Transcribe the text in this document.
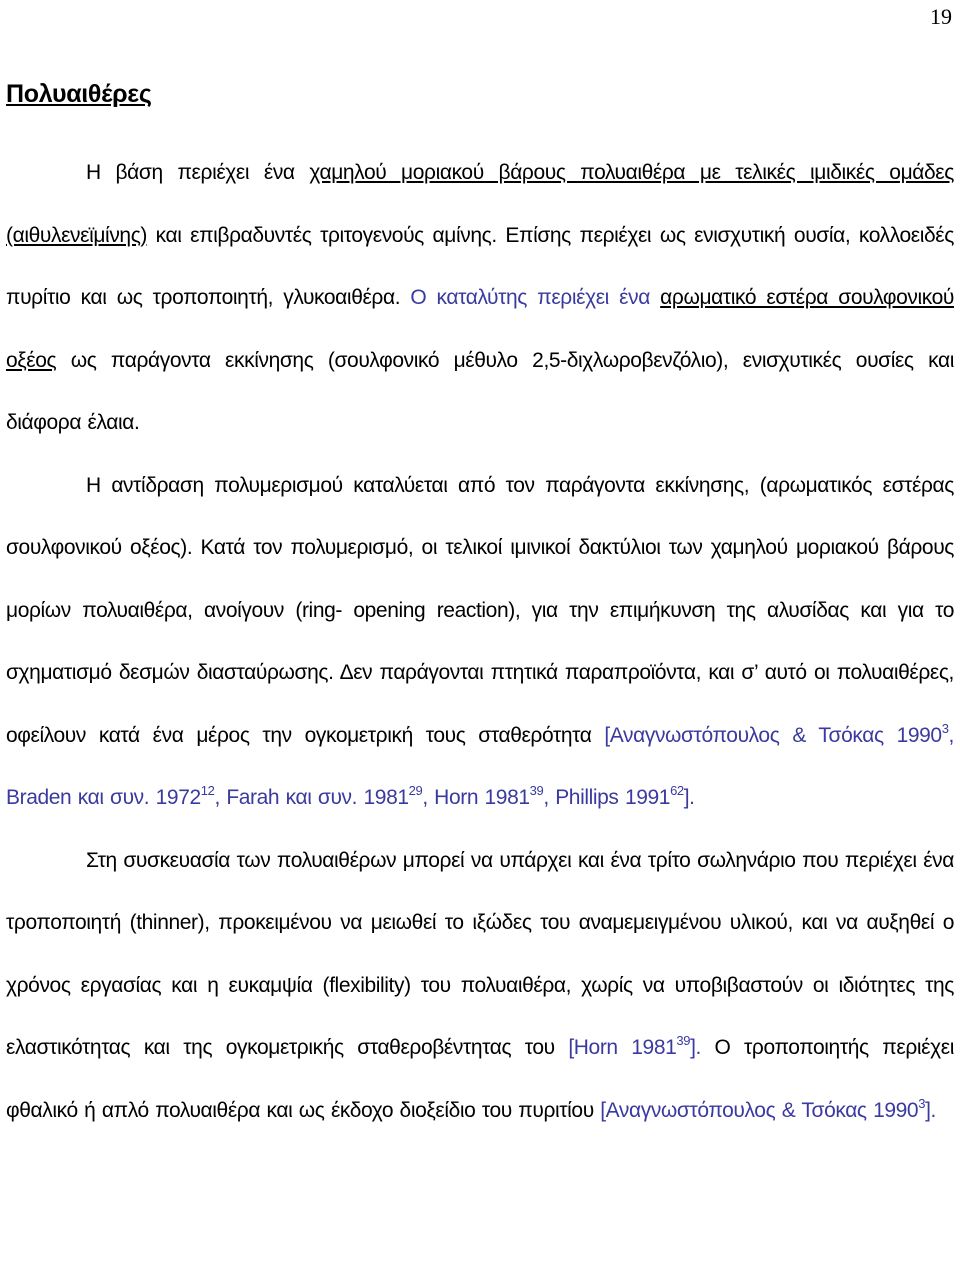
19
Πολυαιθέρες

Η βάση περιέχει ένα χαμηλού μοριακού βάρους πολυαιθέρα με τελικές ιμιδικές ομάδες (αιθυλενεϊμίνης) και επιβραδυντές τριτογενούς αμίνης. Επίσης περιέχει ως ενισχυτική ουσία, κολλοειδές πυρίτιο και ως τροποποιητή, γλυκοαιθέρα. Ο καταλύτης περιέχει ένα αρωματικό εστέρα σουλφονικού οξέος ως παράγοντα εκκίνησης (σουλφονικό μέθυλο 2,5-διχλωροβενζόλιο), ενισχυτικές ουσίες και διάφορα έλαια.

Η αντίδραση πολυμερισμού καταλύεται από τον παράγοντα εκκίνησης, (αρωματικός εστέρας σουλφονικού οξέος). Κατά τον πολυμερισμό, οι τελικοί ιμινικοί δακτύλιοι των χαμηλού μοριακού βάρους μορίων πολυαιθέρα, ανοίγουν (ring- opening reaction), για την επιμήκυνση της αλυσίδας και για το σχηματισμό δεσμών διασταύρωσης. Δεν παράγονται πτητικά παραπροϊόντα, και σ’ αυτό οι πολυαιθέρες, οφείλουν κατά ένα μέρος την ογκομετρική τους σταθερότητα [Αναγνωστόπουλος & Τσόκας 1990$^3$, Braden και συν. 1972$^{12}$, Farah και συν. 1981$^{29}$, Horn 1981$^{39}$, Phillips 1991$^{62}$].

Στη συσκευασία των πολυαιθέρων μπορεί να υπάρχει και ένα τρίτο σωληνάριο που περιέχει ένα τροποποιητή (thinner), προκειμένου να μειωθεί το ιξώδες του αναμεμειγμένου υλικού, και να αυξηθεί ο χρόνος εργασίας και η ευκαμψία (flexibility) του πολυαιθέρα, χωρίς να υποβιβαστούν οι ιδιότητες της ελαστικότητας και της ογκομετρικής σταθεροβέντητας του [Horn 1981$^{39}$]. Ο τροποποιητής περιέχει φθαλικό ή απλό πολυαιθέρα και ως έκδοχο διοξείδιο του πυριτίου [Αναγνωστόπουλος & Τσόκας 1990$^3$].
